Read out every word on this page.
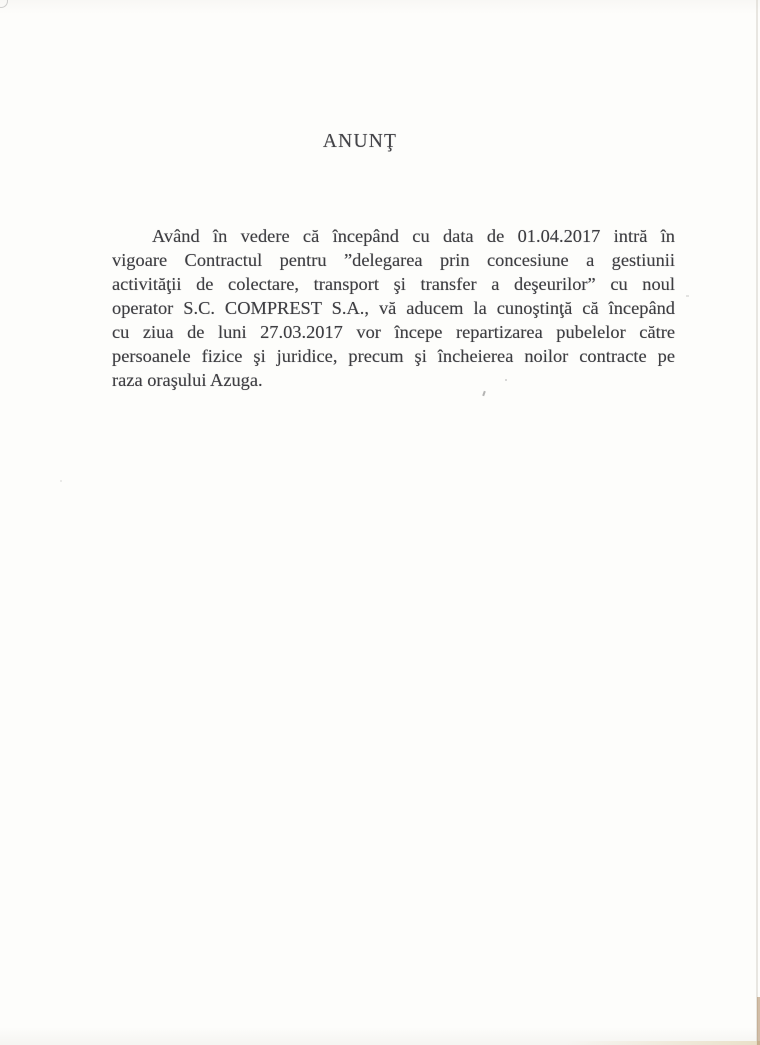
ANUNŢ
Având în vedere că începând cu data de 01.04.2017 intră în
vigoare Contractul pentru ”delegarea prin concesiune a gestiunii
activităţii de colectare, transport şi transfer a deşeurilor” cu noul
operator S.C. COMPREST S.A., vă aducem la cunoştinţă că începând
cu ziua de luni 27.03.2017 vor începe repartizarea pubelelor către
persoanele fizice şi juridice, precum şi încheierea noilor contracte pe
raza oraşului Azuga.
